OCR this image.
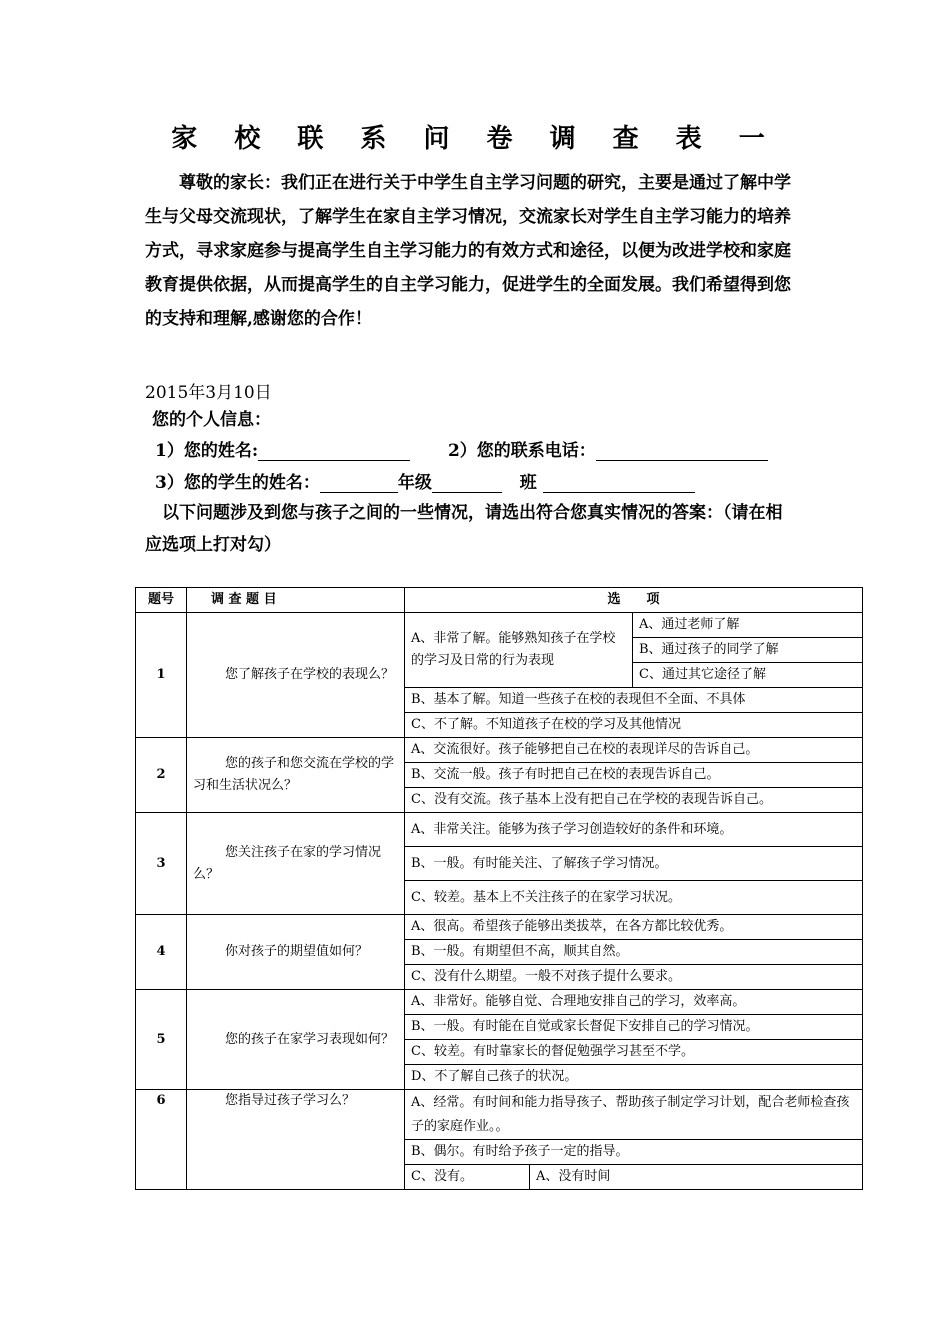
家 校 联 系 问 卷 调 查 表 一
　　尊敬的家长：我们正在进行关于中学生自主学习问题的研究，主要是通过了解中学
生与父母交流现状，了解学生在家自主学习情况，交流家长对学生自主学习能力的培养
方式，寻求家庭参与提高学生自主学习能力的有效方式和途径，以便为改进学校和家庭
教育提供依据，从而提高学生的自主学习能力，促进学生的全面发展。我们希望得到您
的支持和理解,感谢您的合作！
2015年3月10日
您的个人信息：
1）您的姓名:	2）您的联系电话：
3）您的学生的姓名：	年级	班
　以下问题涉及到您与孩子之间的一些情况，请选出符合您真实情况的答案：（请在相
应选项上打对勾）
题号	调 查 题 目	选　　项		
1	您了解孩子在学校的表现么？	A、非常了解。能够熟知孩子在学校的学习及日常的行为表现		A、通过老师了解
				B、通过孩子的同学了解
				C、通过其它途径了解
		B、基本了解。知道一些孩子在校的表现但不全面、不具体		
		C、不了解。不知道孩子在校的学习及其他情况		
2	您的孩子和您交流在学校的学习和生活状况么？	A、交流很好。孩子能够把自己在校的表现详尽的告诉自己。		
		B、交流一般。孩子有时把自己在校的表现告诉自己。		
		C、没有交流。孩子基本上没有把自己在学校的表现告诉自己。		
3	您关注孩子在家的学习情况么？	A、非常关注。能够为孩子学习创造较好的条件和环境。		
		B、一般。有时能关注、了解孩子学习情况。		
		C、较差。基本上不关注孩子的在家学习状况。		
4	你对孩子的期望值如何？	A、很高。希望孩子能够出类拔萃，在各方都比较优秀。		
		B、一般。有期望但不高，顺其自然。		
		C、没有什么期望。一般不对孩子提什么要求。		
5	您的孩子在家学习表现如何？	A、非常好。能够自觉、合理地安排自己的学习，效率高。		
		B、一般。有时能在自觉或家长督促下安排自己的学习情况。		
		C、较差。有时靠家长的督促勉强学习甚至不学。		
		D、不了解自己孩子的状况。		
6	您指导过孩子学习么？	A、经常。有时间和能力指导孩子、帮助孩子制定学习计划，配合老师检查孩子的家庭作业。。		
		B、偶尔。有时给予孩子一定的指导。		
		C、没有。	A、没有时间	
